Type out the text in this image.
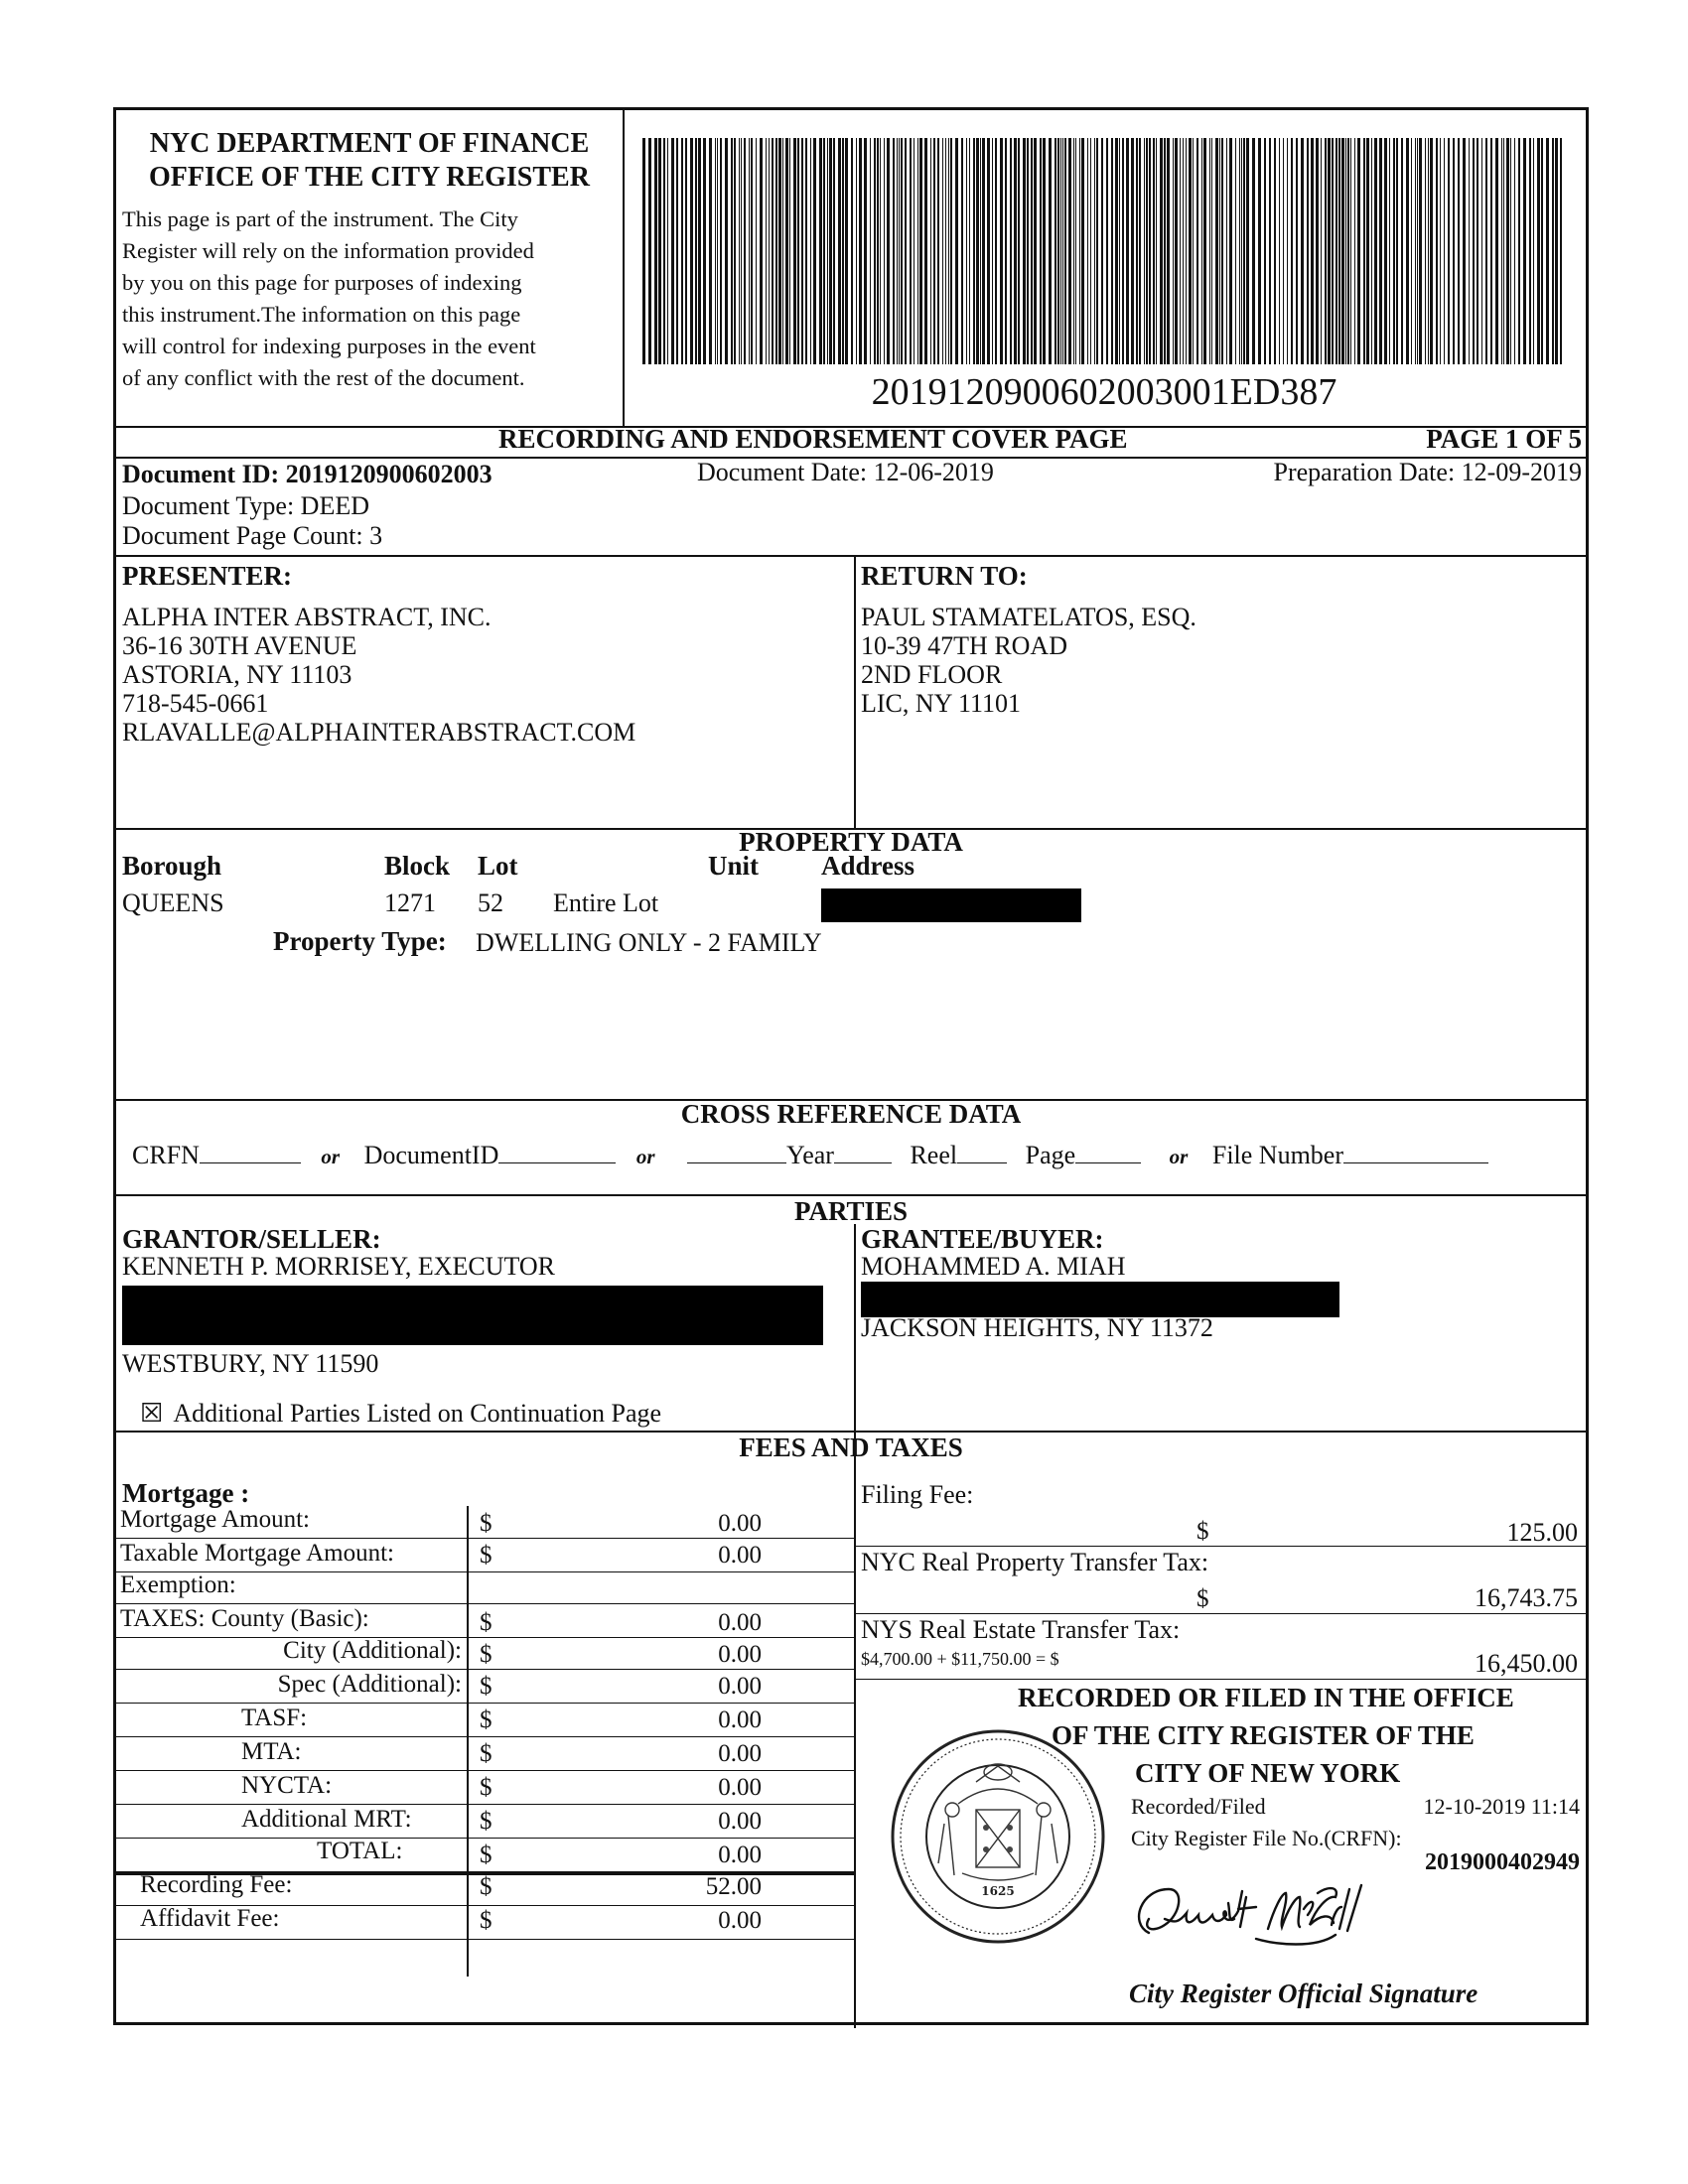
NYC DEPARTMENT OF FINANCE
OFFICE OF THE CITY REGISTER
This page is part of the instrument. The City
Register will rely on the information provided
by you on this page for purposes of indexing
this instrument.The information on this page
will control for indexing purposes in the event
of any conflict with the rest of the document.	2019120900602003001ED387
RECORDING AND ENDORSEMENT COVER PAGE	PAGE 1 OF 5
Document ID: 2019120900602003	Document Date: 12-06-2019	Preparation Date: 12-09-2019
Document Type: DEED
Document Page Count: 3
PRESENTER:
ALPHA INTER ABSTRACT, INC.
36-16 30TH AVENUE
ASTORIA, NY 11103
718-545-0661
RLAVALLE@ALPHAINTERABSTRACT.COM
RETURN TO:
PAUL STAMATELATOS, ESQ.
10-39 47TH ROAD
2ND FLOOR
LIC, NY 11101
PROPERTY DATA
Borough	Block Lot	Unit Address
QUEENS	1271 52 Entire Lot
Property Type: DWELLING ONLY - 2 FAMILY
CROSS REFERENCE DATA
CRFN	or DocumentID	or	Year	Reel	Page	or File Number
PARTIES
GRANTOR/SELLER:
KENNETH P. MORRISEY, EXECUTOR
WESTBURY, NY 11590
☒ Additional Parties Listed on Continuation Page
GRANTEE/BUYER:
MOHAMMED A. MIAH
JACKSON HEIGHTS, NY 11372
FEES AND TAXES
Mortgage :
Mortgage Amount:	$	0.00
Taxable Mortgage Amount:	$	0.00
Exemption:
TAXES: County (Basic):	$	0.00
City (Additional): $	0.00
Spec (Additional): $	0.00
TASF:	$	0.00
MTA:	$	0.00
NYCTA:	$	0.00
Additional MRT:	$	0.00
TOTAL:	$	0.00
Recording Fee:	$	52.00
Affidavit Fee:	$	0.00
Filing Fee:
$	125.00
NYC Real Property Transfer Tax:
$	16,743.75
NYS Real Estate Transfer Tax:
$4,700.00 + $11,750.00 = $	16,450.00
RECORDED OR FILED IN THE OFFICE
OF THE CITY REGISTER OF THE
CITY OF NEW YORK
Recorded/Filed	12-10-2019 11:14
City Register File No.(CRFN):
2019000402949
1625
City Register Official Signature
